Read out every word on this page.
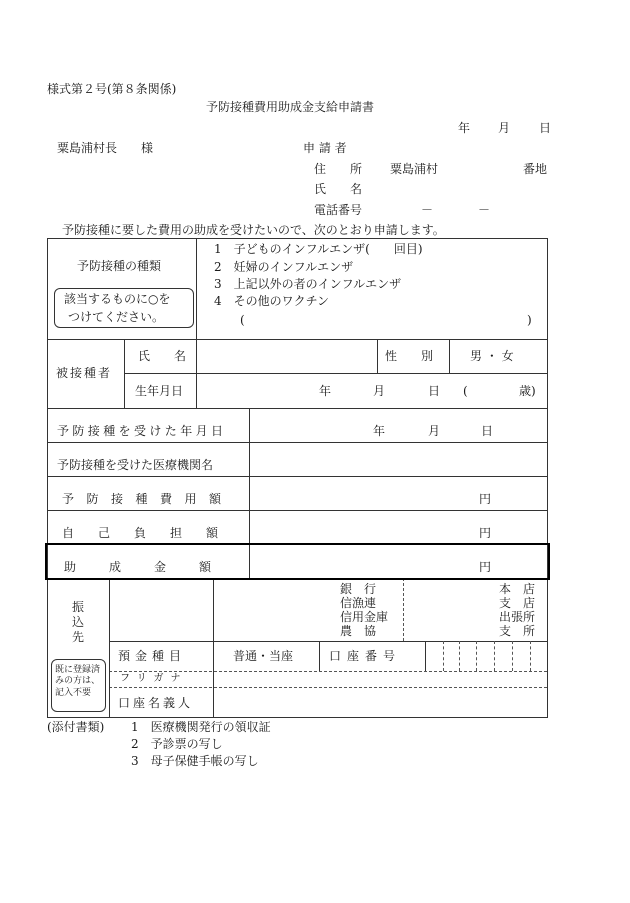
様式第２号(第８条関係)
予防接種費用助成金支給申請書
年 月 日
粟島浦村長　　様	申 請 者
住　　所 粟島浦村	番地
氏　　名
電話番号	－	－
予防接種に要した費用の助成を受けたいので、次のとおり申請します。
予防接種の種類
該当するものに○を
つけてください。
1　子どものインフルエンザ(　　回目)
2　妊婦のインフルエンザ
3　上記以外の者のインフルエンザ
4　その他のワクチン
(	)
被接種者
氏　　名	性　　別	男 ・ 女
生年月日	年	月	日 (	歳)
予防接種を受けた年月日	年	月	日
予防接種を受けた医療機関名
予防接種費用額	円
自己負担額	円
助　成　金　額	円
振込先
既に登録済みの方は、記入不要
銀　行
信漁連
信用金庫
農　協
本　店
支　店
出張所
支　所
預金種目	普通・当座	口座番号
フリガナ
口座名義人
(添付書類) 1　医療機関発行の領収証
2　予診票の写し
3　母子保健手帳の写し
